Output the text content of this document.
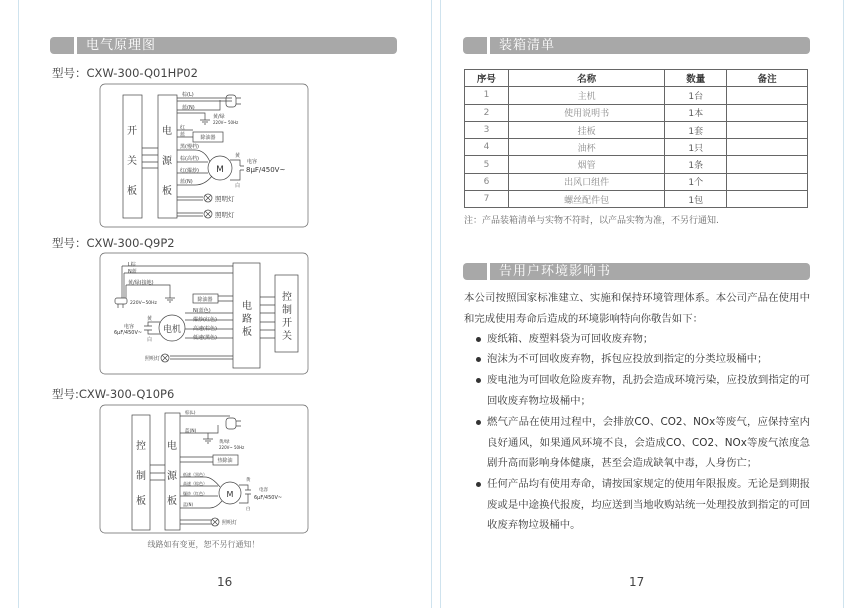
电气原理图
型号：CXW-300-Q01HP02
型号：CXW-300-Q9P2
型号:CXW-300-Q10P6
开
关
板
电
源
板
棕(L)
蓝(N)
黄/绿
220V~ 50Hz
红
蓝	除油器
黑(慢档)
棕(高档)
红(爆炒)
蓝(N)
M
黄
白
电容
8μF/450V~
照明灯
照明灯
L棕
N蓝
黄/绿(接地)
220V~50Hz
除油器
N(蓝色)
爆炒(红色)
高速(棕色)
低速(黑色)
电机
黄
白
电容
6μF/450V~
照明灯
电
路
板
控
制
开
关
控
制
板
电
源
板
棕(L)
蓝(N)
黄/绿
220V~ 50Hz
热除油
低速（黑色）
高速（棕色）
爆炒（红色）
蓝(N)
M
黄
白
电容
6μF/450V~
照明灯
线路如有变更，恕不另行通知！
16
装箱清单
序号	名称	数量	备注
1	主机	1台	
2	使用说明书	1本	
3	挂板	1套	
4	油杯	1只	
5	烟管	1条	
6	出风口组件	1个	
7	螺丝配件包	1包	
注：产品装箱清单与实物不符时，以产品实物为准，不另行通知.
告用户环境影响书
本公司按照国家标准建立、实施和保持环境管理体系。本公司产品在使用中和完成使用寿命后造成的环境影响特向你敬告如下：
废纸箱、废塑料袋为可回收废弃物；
泡沫为不可回收废弃物，拆包应投放到指定的分类垃圾桶中；
废电池为可回收危险废弃物，乱扔会造成环境污染，应投放到指定的可回收废弃物垃圾桶中；
燃气产品在使用过程中，会排放CO、CO2、NOx等废气，应保持室内良好通风，如果通风环境不良，会造成CO、CO2、NOx等废气浓度急剧升高而影响身体健康，甚至会造成缺氧中毒，人身伤亡；
任何产品均有使用寿命，请按国家规定的使用年限报废。无论是到期报废或是中途换代报废，均应送到当地收购站统一处理投放到指定的可回收废弃物垃圾桶中。
17
